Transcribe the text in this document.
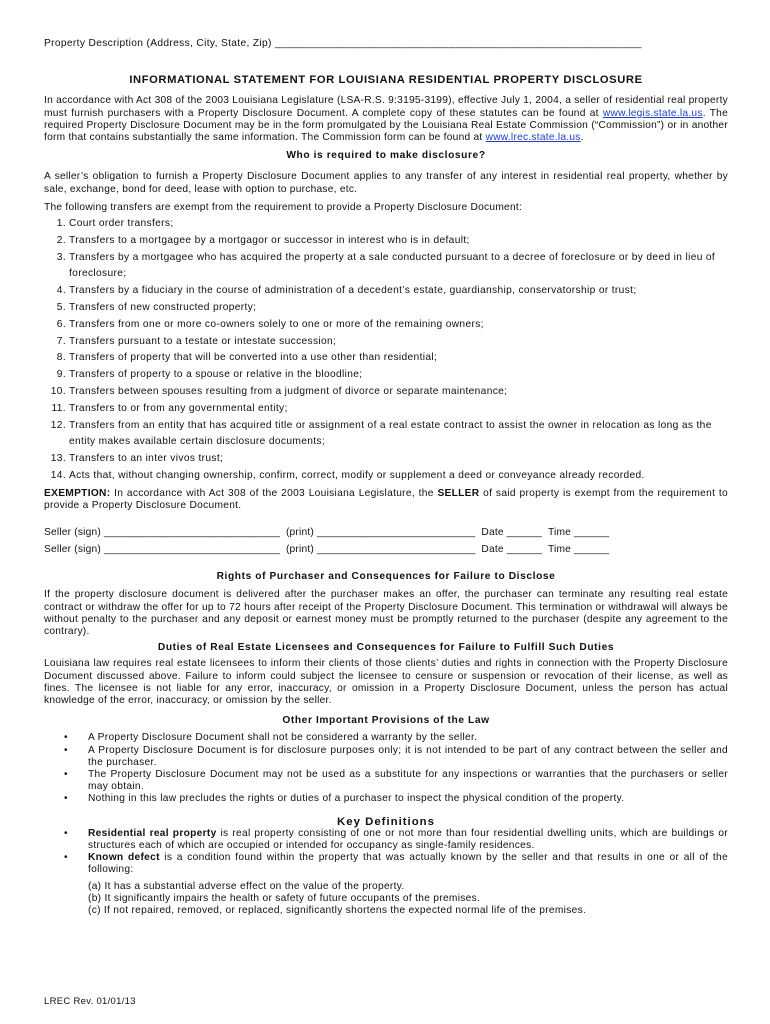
Property Description (Address, City, State, Zip) _____________________________________________________________
INFORMATIONAL STATEMENT FOR LOUISIANA RESIDENTIAL PROPERTY DISCLOSURE

In accordance with Act 308 of the 2003 Louisiana Legislature (LSA-R.S. 9:3195-3199), effective July 1, 2004, a seller of residential real property must furnish purchasers with a Property Disclosure Document. A complete copy of these statutes can be found at www.legis.state.la.us. The required Property Disclosure Document may be in the form promulgated by the Louisiana Real Estate Commission (“Commission”) or in another form that contains substantially the same information. The Commission form can be found at www.lrec.state.la.us.

Who is required to make disclosure?

A seller’s obligation to furnish a Property Disclosure Document applies to any transfer of any interest in residential real property, whether by sale, exchange, bond for deed, lease with option to purchase, etc.

The following transfers are exempt from the requirement to provide a Property Disclosure Document:
1. Court order transfers;
2. Transfers to a mortgagee by a mortgagor or successor in interest who is in default;
3. Transfers by a mortgagee who has acquired the property at a sale conducted pursuant to a decree of foreclosure or by deed in lieu of foreclosure;
4. Transfers by a fiduciary in the course of administration of a decedent’s estate, guardianship, conservatorship or trust;
5. Transfers of new constructed property;
6. Transfers from one or more co-owners solely to one or more of the remaining owners;
7. Transfers pursuant to a testate or intestate succession;
8. Transfers of property that will be converted into a use other than residential;
9. Transfers of property to a spouse or relative in the bloodline;
10. Transfers between spouses resulting from a judgment of divorce or separate maintenance;
11. Transfers to or from any governmental entity;
12. Transfers from an entity that has acquired title or assignment of a real estate contract to assist the owner in relocation as long as the entity makes available certain disclosure documents;
13. Transfers to an inter vivos trust;
14. Acts that, without changing ownership, confirm, correct, modify or supplement a deed or conveyance already recorded.

EXEMPTION: In accordance with Act 308 of the 2003 Louisiana Legislature, the SELLER of said property is exempt from the requirement to provide a Property Disclosure Document.

Seller (sign) ______________________________ (print) ___________________________ Date ______ Time ______
Seller (sign) ______________________________ (print) ___________________________ Date ______ Time ______
Rights of Purchaser and Consequences for Failure to Disclose

If the property disclosure document is delivered after the purchaser makes an offer, the purchaser can terminate any resulting real estate contract or withdraw the offer for up to 72 hours after receipt of the Property Disclosure Document. This termination or withdrawal will always be without penalty to the purchaser and any deposit or earnest money must be promptly returned to the purchaser (despite any agreement to the contrary).

Duties of Real Estate Licensees and Consequences for Failure to Fulfill Such Duties

Louisiana law requires real estate licensees to inform their clients of those clients’ duties and rights in connection with the Property Disclosure Document discussed above. Failure to inform could subject the licensee to censure or suspension or revocation of their license, as well as fines. The licensee is not liable for any error, inaccuracy, or omission in a Property Disclosure Document, unless the person has actual knowledge of the error, inaccuracy, or omission by the seller.

Other Important Provisions of the Law
•	A Property Disclosure Document shall not be considered a warranty by the seller.
•	A Property Disclosure Document is for disclosure purposes only; it is not intended to be part of any contract between the seller and the purchaser.
•	The Property Disclosure Document may not be used as a substitute for any inspections or warranties that the purchasers or seller may obtain.
•	Nothing in this law precludes the rights or duties of a purchaser to inspect the physical condition of the property.
Key Definitions
•	Residential real property is real property consisting of one or not more than four residential dwelling units, which are buildings or structures each of which are occupied or intended for occupancy as single-family residences.
•	Known defect is a condition found within the property that was actually known by the seller and that results in one or all of the following:
(a) It has a substantial adverse effect on the value of the property.
(b) It significantly impairs the health or safety of future occupants of the premises.
(c) If not repaired, removed, or replaced, significantly shortens the expected normal life of the premises.
LREC Rev. 01/01/13
